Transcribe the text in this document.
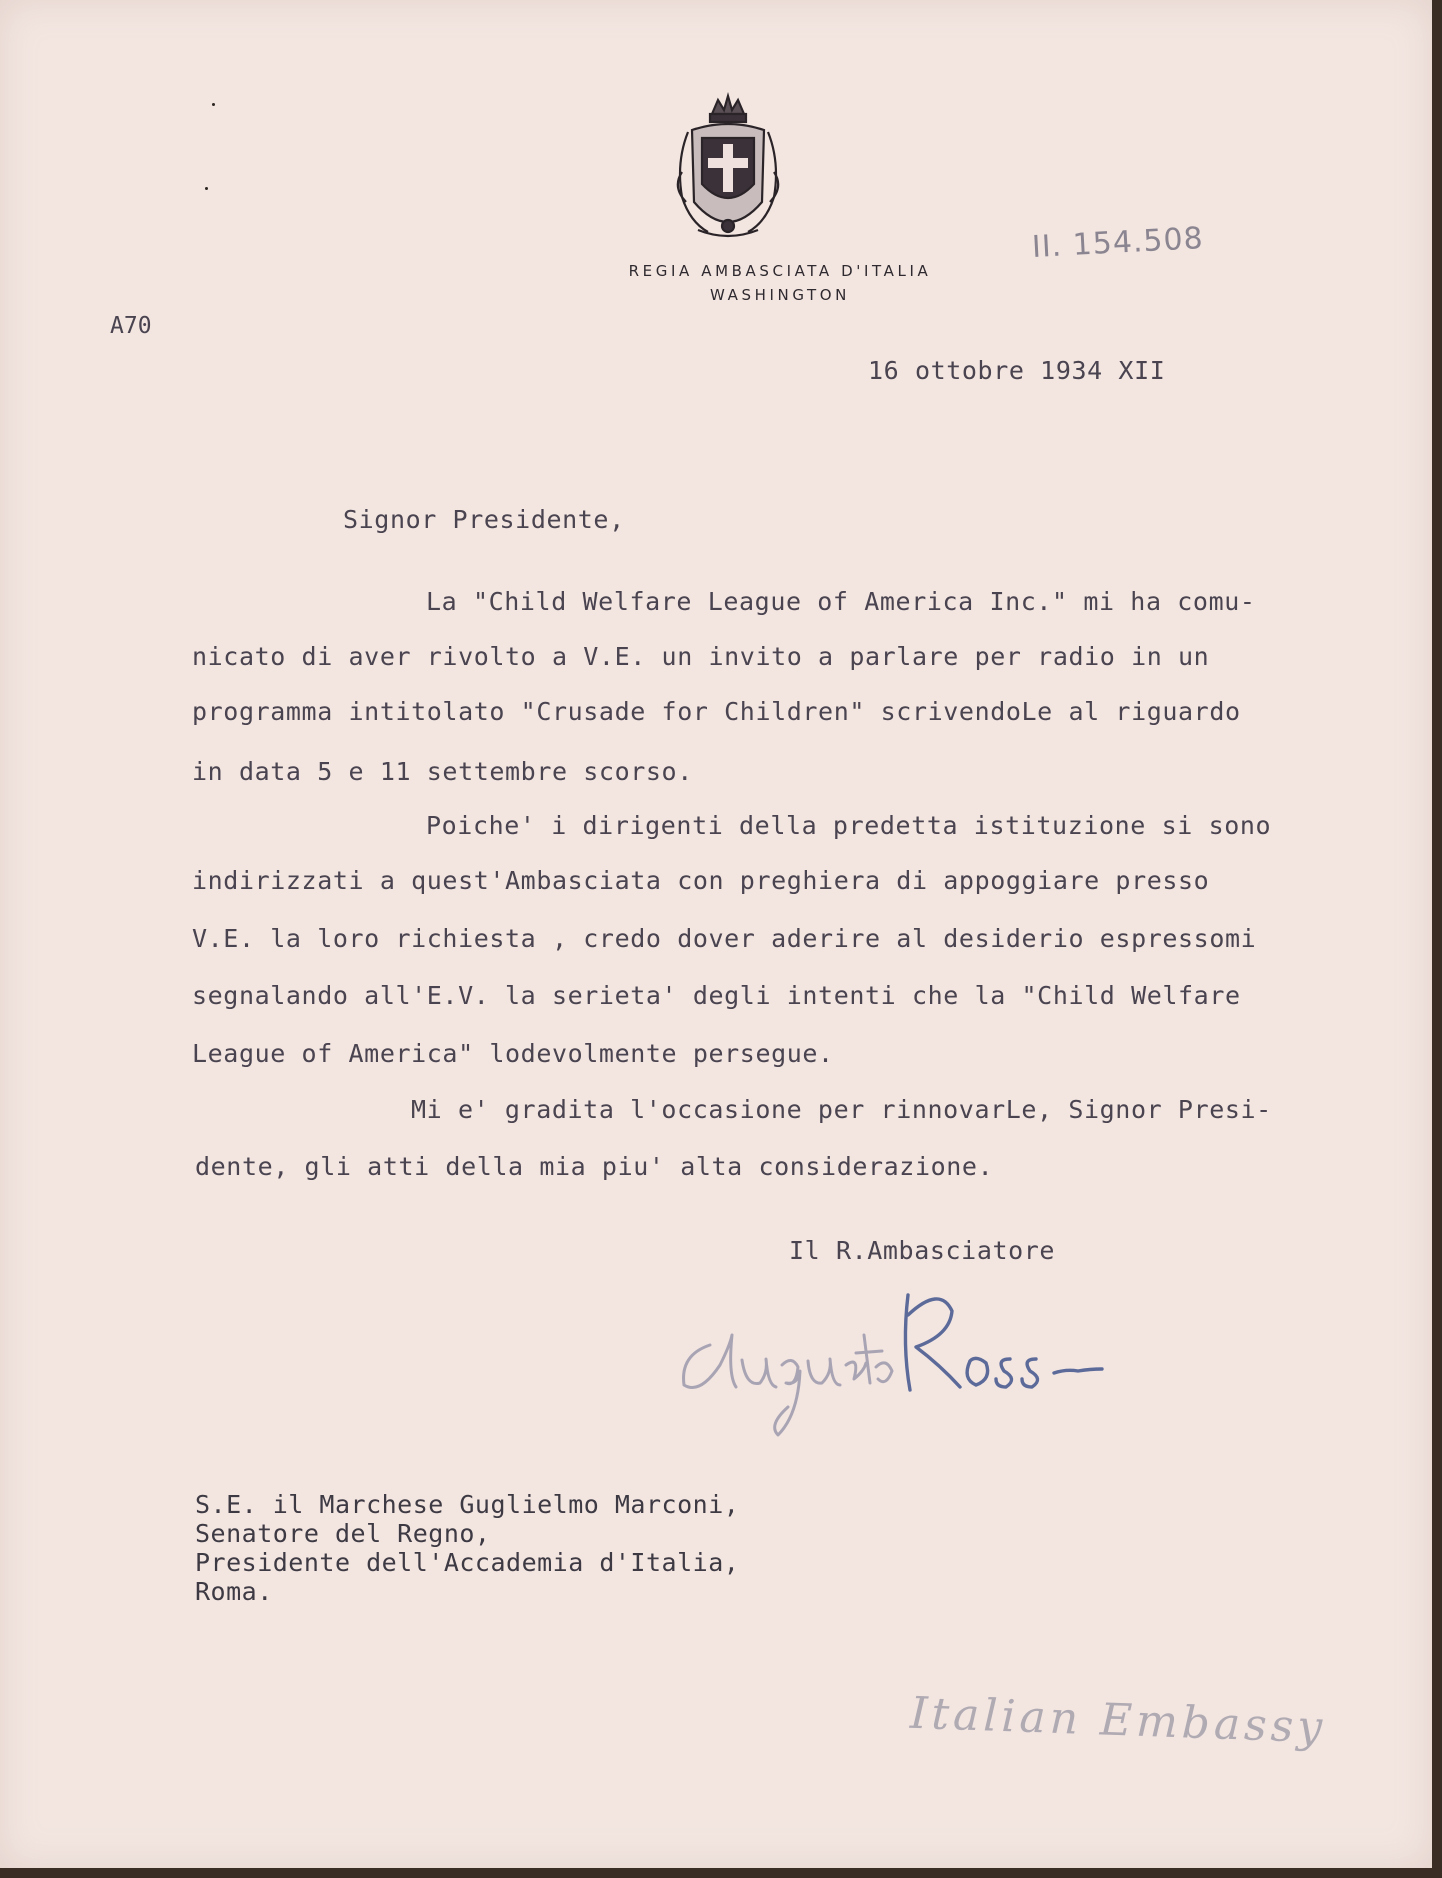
REGIA AMBASCIATA D'ITALIA
WASHINGTON
II. 154.508
A70
16 ottobre 1934 XII
Signor Presidente,
La "Child Welfare League of America Inc." mi ha comu-
nicato di aver rivolto a V.E. un invito a parlare per radio in un
programma intitolato "Crusade for Children" scrivendoLe al riguardo
in data 5 e 11 settembre scorso.
Poiche' i dirigenti della predetta istituzione si sono
indirizzati a quest'Ambasciata con preghiera di appoggiare presso
V.E. la loro richiesta , credo dover aderire al desiderio espressomi
segnalando all'E.V. la serieta' degli intenti che la "Child Welfare
League of America" lodevolmente persegue.
Mi e' gradita l'occasione per rinnovarLe, Signor Presi-
dente, gli atti della mia piu' alta considerazione.
Il R.Ambasciatore
S.E. il Marchese Guglielmo Marconi,
Senatore del Regno,
Presidente dell'Accademia d'Italia,
Roma.
Italian Embassy
